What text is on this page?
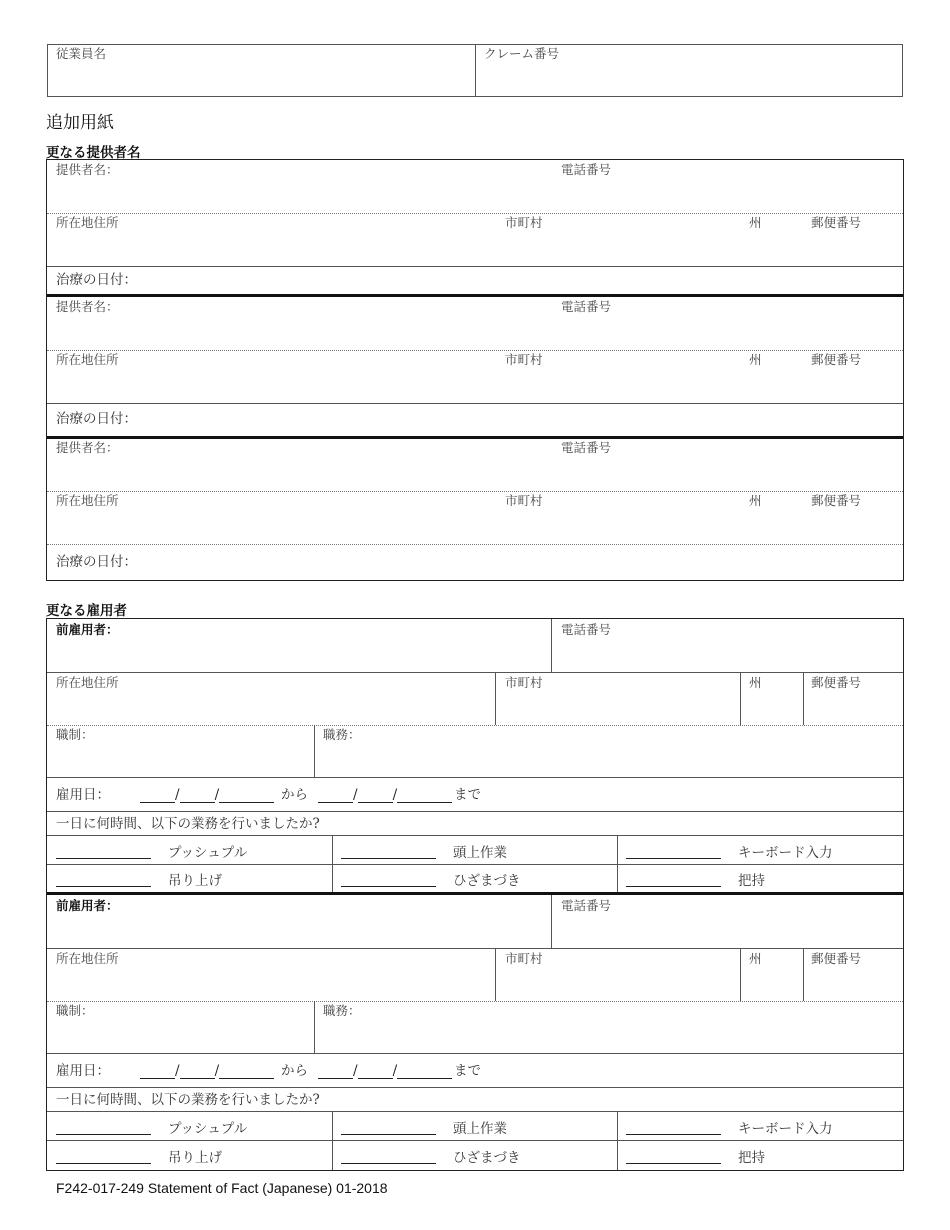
従業員名	クレーム番号
追加用紙
更なる提供者名
提供者名：	電話番号
所在地住所	市町村	州	郵便番号
治療の日付：
提供者名：	電話番号
所在地住所	市町村	州	郵便番号
治療の日付：
提供者名：	電話番号
所在地住所	市町村	州	郵便番号
治療の日付：
更なる雇用者
前雇用者：	電話番号
所在地住所	市町村	州	郵便番号
職制：	職務：
雇用日：	/	/	から	/	/	まで
一日に何時間、以下の業務を行いましたか?
プッシュプル	頭上作業	キーボード入力
吊り上げ	ひざまづき	把持
前雇用者：	電話番号
所在地住所	市町村	州	郵便番号
職制：	職務：
雇用日：	/	/	から	/	/	まで
一日に何時間、以下の業務を行いましたか?
プッシュプル	頭上作業	キーボード入力
吊り上げ	ひざまづき	把持
F242-017-249 Statement of Fact (Japanese) 01-2018
